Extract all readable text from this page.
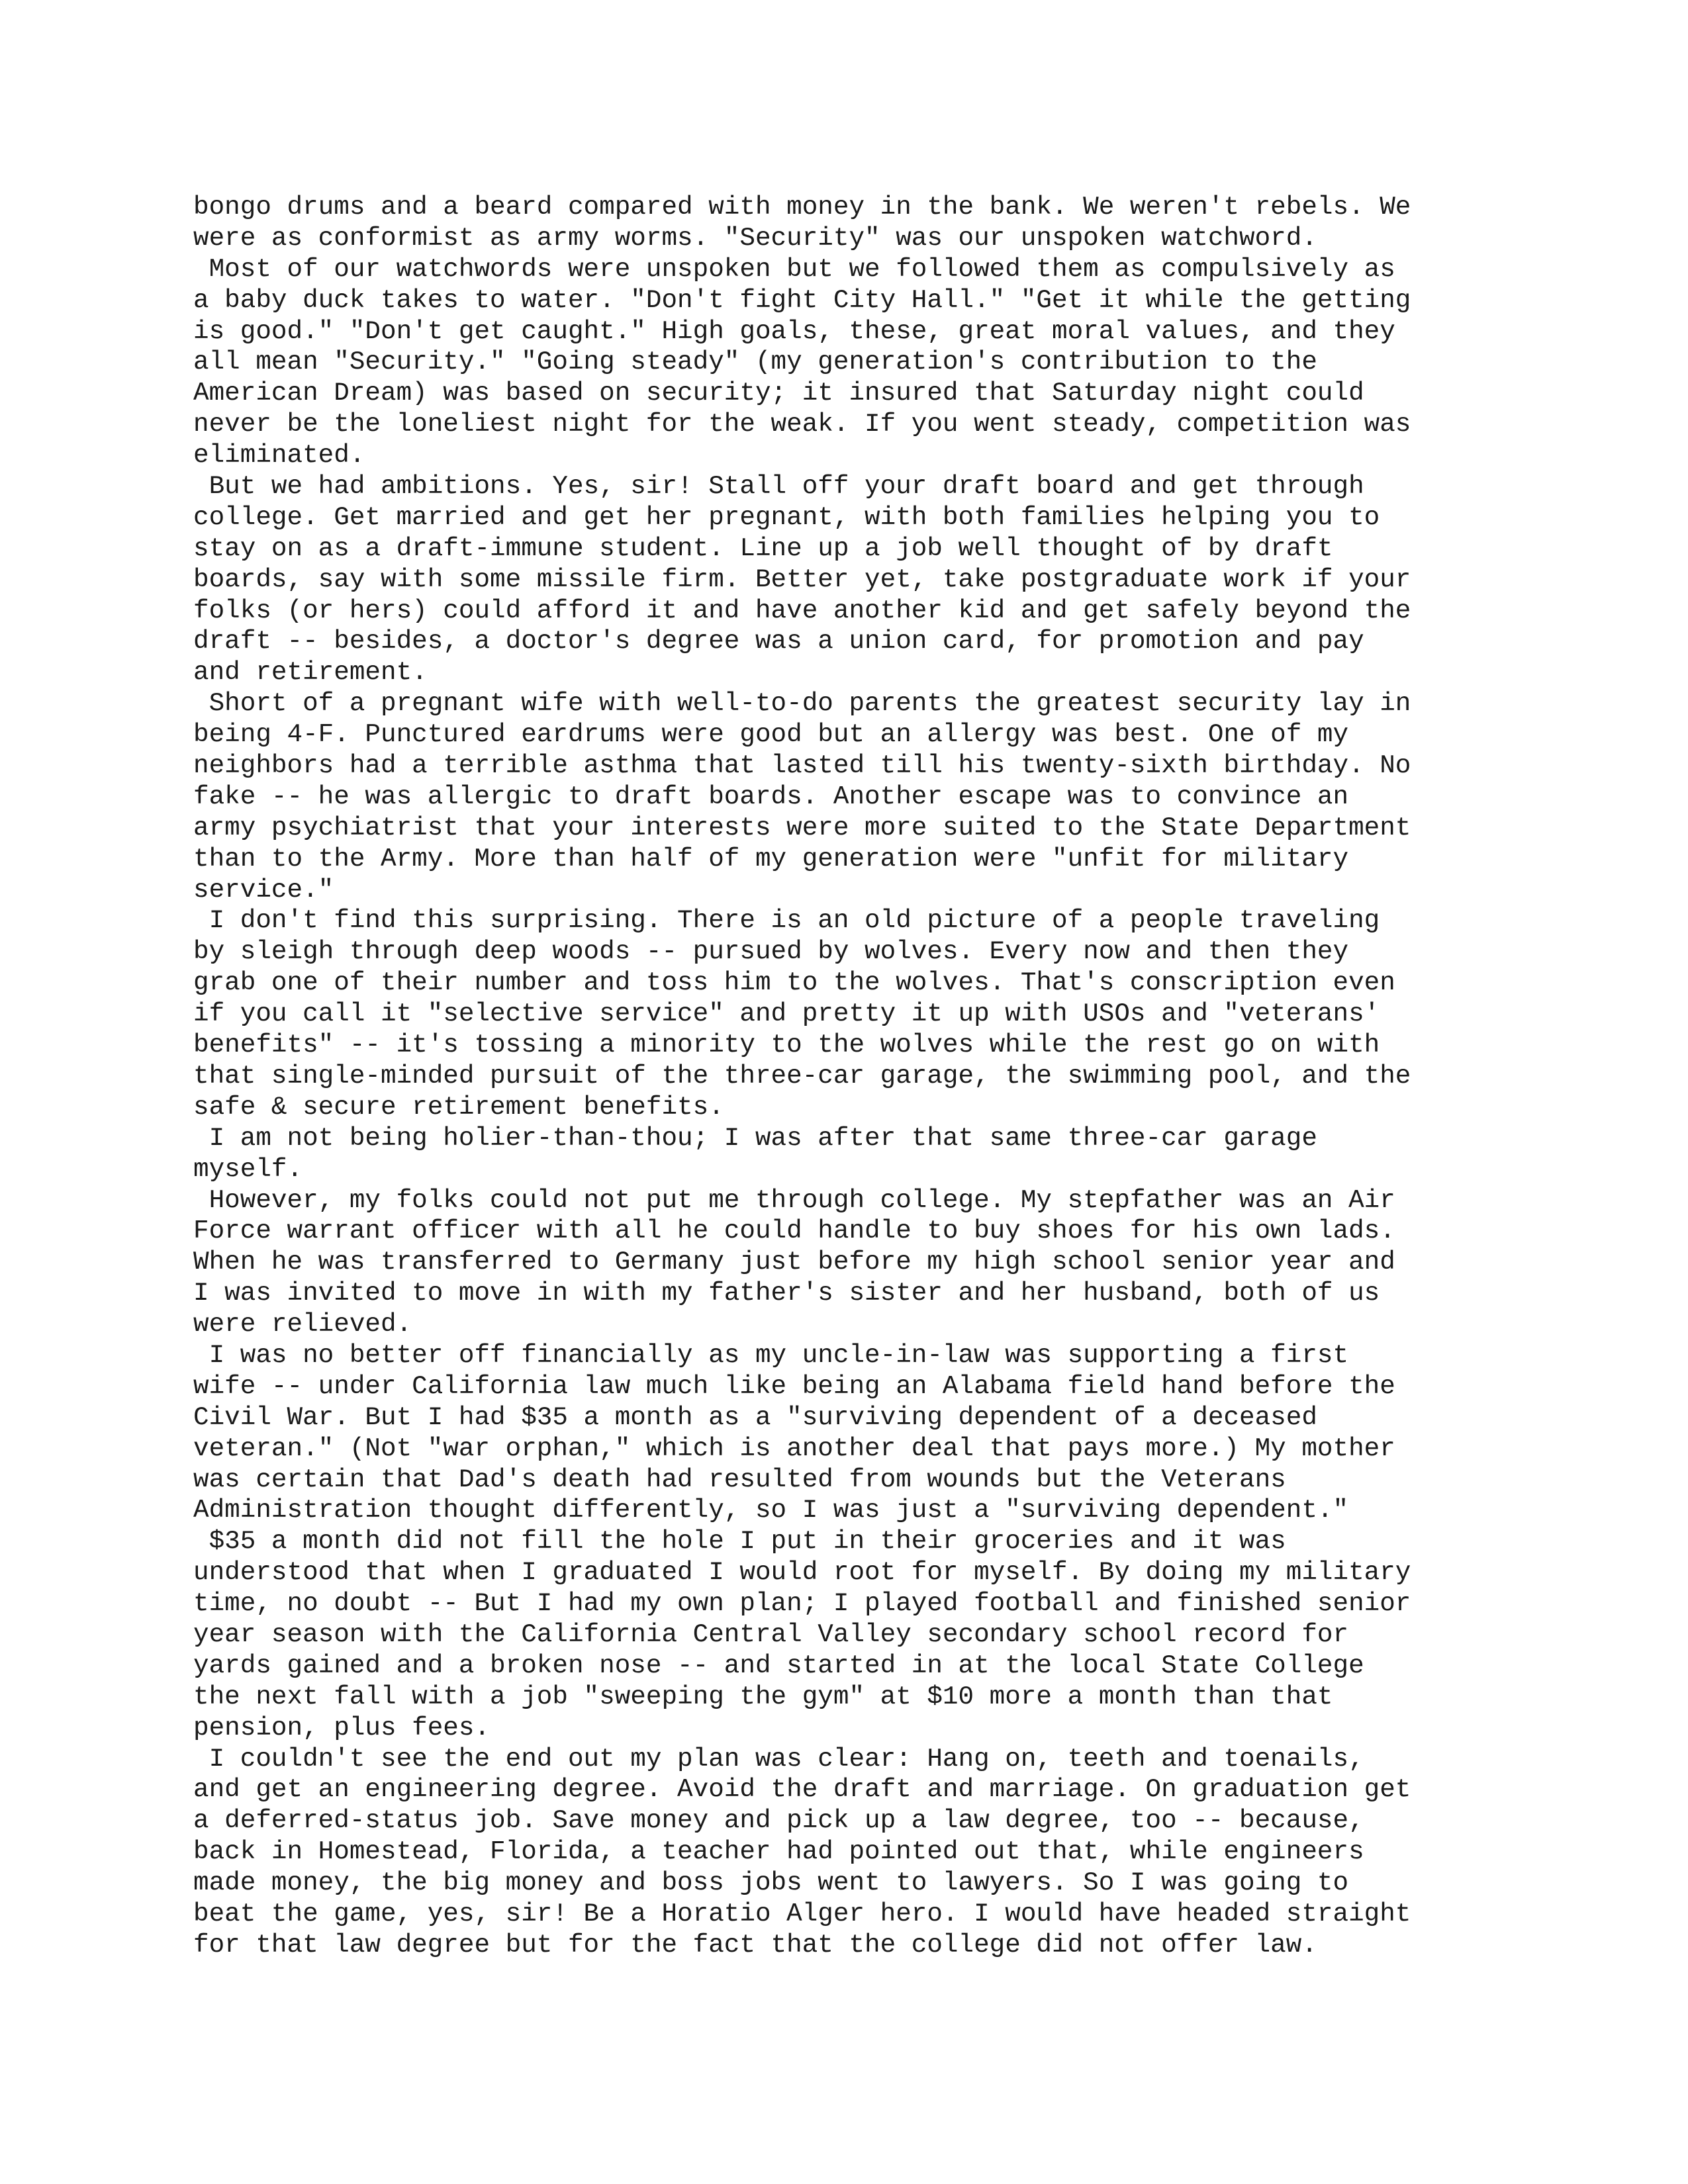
bongo drums and a beard compared with money in the bank. We weren't rebels. We
were as conformist as army worms. "Security" was our unspoken watchword.
Most of our watchwords were unspoken but we followed them as compulsively as
a baby duck takes to water. "Don't fight City Hall." "Get it while the getting
is good." "Don't get caught." High goals, these, great moral values, and they
all mean "Security." "Going steady" (my generation's contribution to the
American Dream) was based on security; it insured that Saturday night could
never be the loneliest night for the weak. If you went steady, competition was
eliminated.
But we had ambitions. Yes, sir! Stall off your draft board and get through
college. Get married and get her pregnant, with both families helping you to
stay on as a draft-immune student. Line up a job well thought of by draft
boards, say with some missile firm. Better yet, take postgraduate work if your
folks (or hers) could afford it and have another kid and get safely beyond the
draft -- besides, a doctor's degree was a union card, for promotion and pay
and retirement.
Short of a pregnant wife with well-to-do parents the greatest security lay in
being 4-F. Punctured eardrums were good but an allergy was best. One of my
neighbors had a terrible asthma that lasted till his twenty-sixth birthday. No
fake -- he was allergic to draft boards. Another escape was to convince an
army psychiatrist that your interests were more suited to the State Department
than to the Army. More than half of my generation were "unfit for military
service."
I don't find this surprising. There is an old picture of a people traveling
by sleigh through deep woods -- pursued by wolves. Every now and then they
grab one of their number and toss him to the wolves. That's conscription even
if you call it "selective service" and pretty it up with USOs and "veterans'
benefits" -- it's tossing a minority to the wolves while the rest go on with
that single-minded pursuit of the three-car garage, the swimming pool, and the
safe & secure retirement benefits.
I am not being holier-than-thou; I was after that same three-car garage
myself.
However, my folks could not put me through college. My stepfather was an Air
Force warrant officer with all he could handle to buy shoes for his own lads.
When he was transferred to Germany just before my high school senior year and
I was invited to move in with my father's sister and her husband, both of us
were relieved.
I was no better off financially as my uncle-in-law was supporting a first
wife -- under California law much like being an Alabama field hand before the
Civil War. But I had $35 a month as a "surviving dependent of a deceased
veteran." (Not "war orphan," which is another deal that pays more.) My mother
was certain that Dad's death had resulted from wounds but the Veterans
Administration thought differently, so I was just a "surviving dependent."
$35 a month did not fill the hole I put in their groceries and it was
understood that when I graduated I would root for myself. By doing my military
time, no doubt -- But I had my own plan; I played football and finished senior
year season with the California Central Valley secondary school record for
yards gained and a broken nose -- and started in at the local State College
the next fall with a job "sweeping the gym" at $10 more a month than that
pension, plus fees.
I couldn't see the end out my plan was clear: Hang on, teeth and toenails,
and get an engineering degree. Avoid the draft and marriage. On graduation get
a deferred-status job. Save money and pick up a law degree, too -- because,
back in Homestead, Florida, a teacher had pointed out that, while engineers
made money, the big money and boss jobs went to lawyers. So I was going to
beat the game, yes, sir! Be a Horatio Alger hero. I would have headed straight
for that law degree but for the fact that the college did not offer law.
